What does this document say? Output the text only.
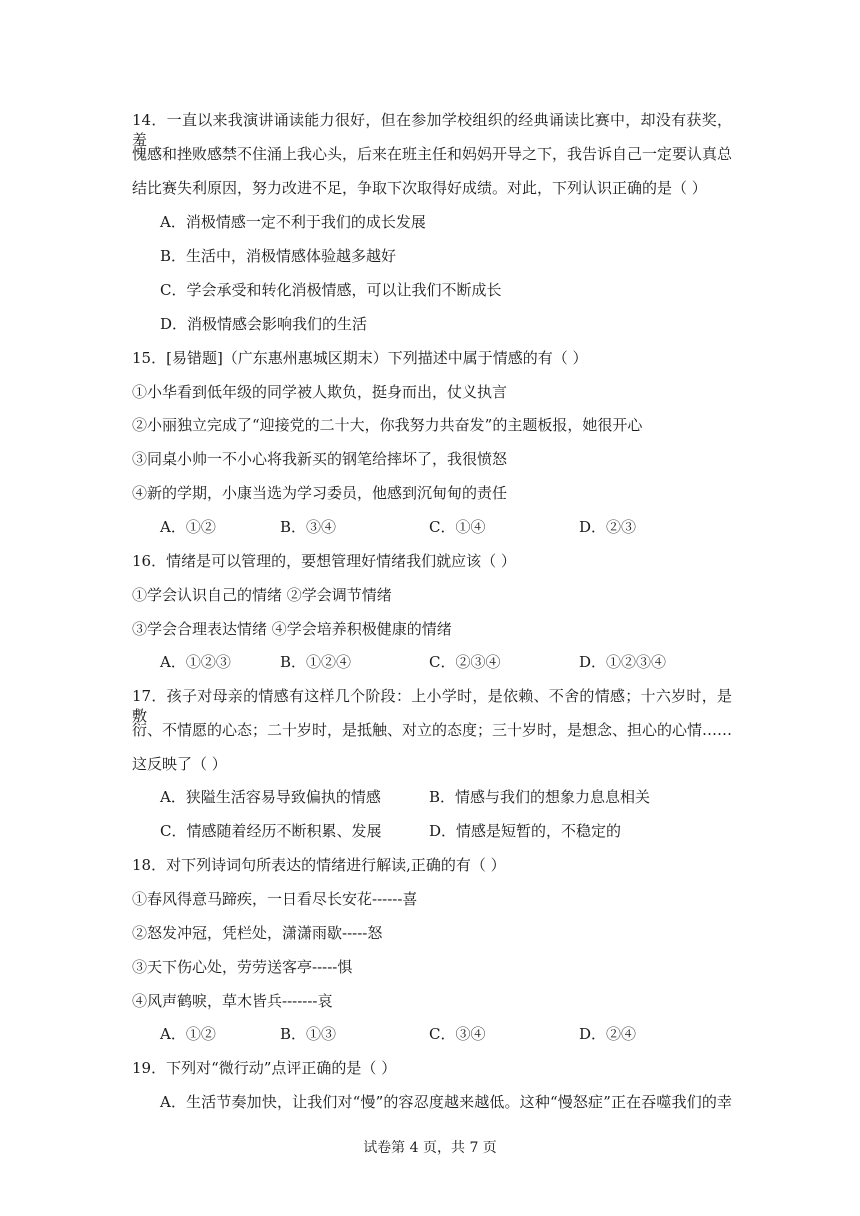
14．一直以来我演讲诵读能力很好，但在参加学校组织的经典诵读比赛中，却没有获奖，羞
愧感和挫败感禁不住涌上我心头，后来在班主任和妈妈开导之下，我告诉自己一定要认真总
结比赛失利原因，努力改进不足，争取下次取得好成绩。对此，下列认识正确的是（ ）
A．消极情感一定不利于我们的成长发展
B．生活中，消极情感体验越多越好
C．学会承受和转化消极情感，可以让我们不断成长
D．消极情感会影响我们的生活
15．[易错题]（广东惠州惠城区期末）下列描述中属于情感的有（ ）
①小华看到低年级的同学被人欺负，挺身而出，仗义执言
②小丽独立完成了“迎接党的二十大，你我努力共奋发”的主题板报，她很开心
③同桌小帅一不小心将我新买的钢笔给摔坏了，我很愤怒
④新的学期，小康当选为学习委员，他感到沉甸甸的责任
A．①②	B．③④	C．①④	D．②③
16．情绪是可以管理的，要想管理好情绪我们就应该（ ）
①学会认识自己的情绪 ②学会调节情绪
③学会合理表达情绪 ④学会培养积极健康的情绪
A．①②③	B．①②④	C．②③④	D．①②③④
17．孩子对母亲的情感有这样几个阶段：上小学时，是依赖、不舍的情感；十六岁时，是敷
衍、不情愿的心态；二十岁时，是抵触、对立的态度；三十岁时，是想念、担心的心情……
这反映了（ ）
A．狭隘生活容易导致偏执的情感	B．情感与我们的想象力息息相关
C．情感随着经历不断积累、发展	D．情感是短暂的，不稳定的
18．对下列诗词句所表达的情绪进行解读,正确的有（ ）
①春风得意马蹄疾，一日看尽长安花------喜
②怒发冲冠，凭栏处，潇潇雨歇-----怒
③天下伤心处，劳劳送客亭-----惧
④风声鹤唳，草木皆兵-------哀
A．①②	B．①③	C．③④	D．②④
19．下列对“微行动”点评正确的是（ ）
A．生活节奏加快，让我们对“慢”的容忍度越来越低。这种“慢怒症”正在吞噬我们的幸
试卷第 4 页，共 7 页
